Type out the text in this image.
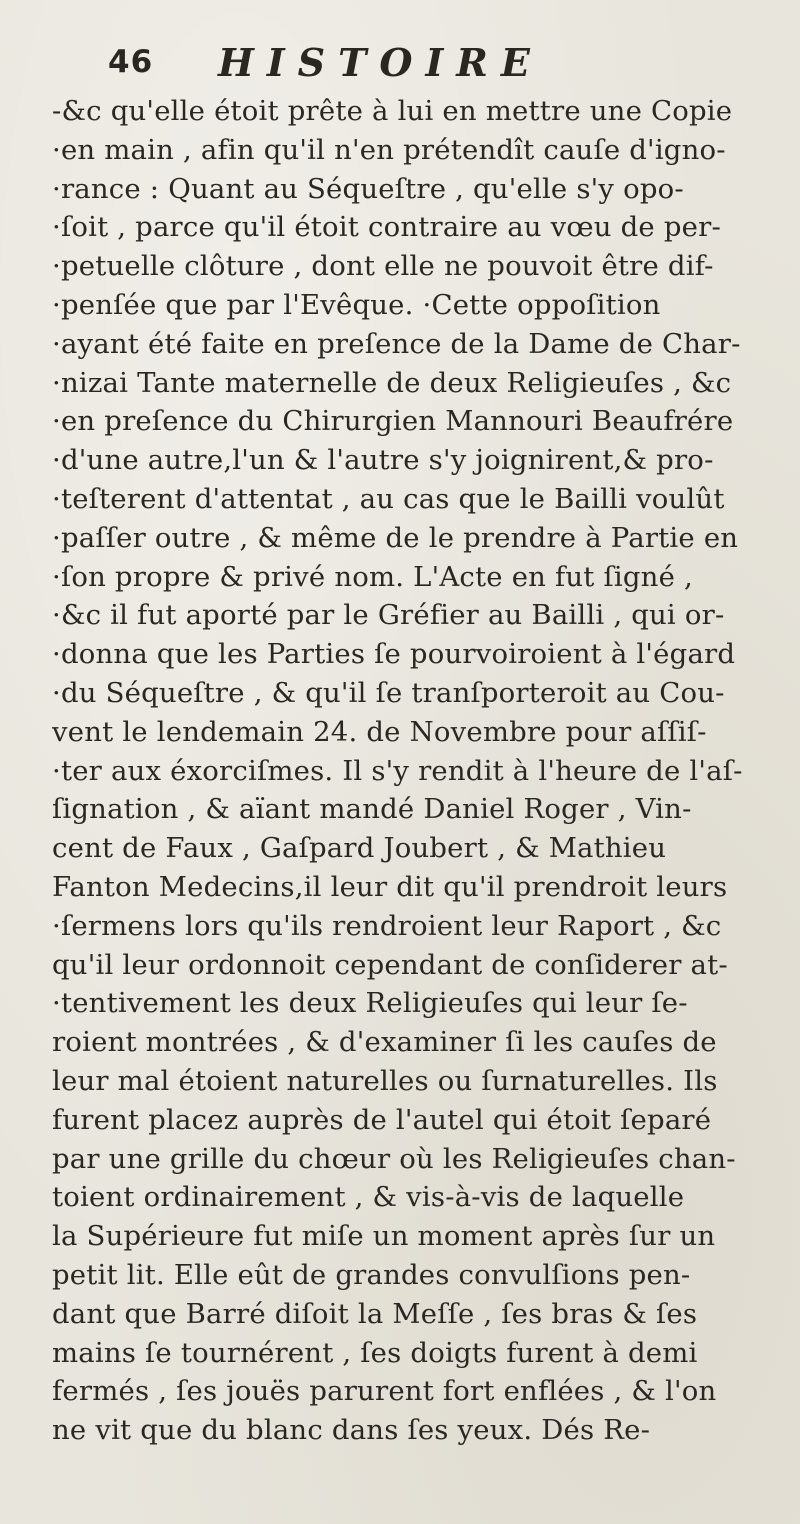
46 HISTOIRE
-&c qu'elle étoit prête à lui en mettre une Copie
·en main , afin qu'il n'en prétendît cauſe d'igno-
·rance : Quant au Séqueſtre , qu'elle s'y opo-
·ſoit , parce qu'il étoit contraire au vœu de per-
·petuelle clôture , dont elle ne pouvoit être dif-
·penſée que par l'Evêque. ·Cette oppoſition
·ayant été faite en preſence de la Dame de Char-
·nizai Tante maternelle de deux Religieuſes , &c
·en preſence du Chirurgien Mannouri Beaufrére
·d'une autre,l'un & l'autre s'y joignirent,& pro-
·teſterent d'attentat , au cas que le Bailli voulût
·paſſer outre , & même de le prendre à Partie en
·ſon propre & privé nom. L'Acte en fut ſigné ,
·&c il fut aporté par le Gréfier au Bailli , qui or-
·donna que les Parties ſe pourvoiroient à l'égard
·du Séqueſtre , & qu'il ſe tranſporteroit au Cou-
vent le lendemain 24. de Novembre pour aſſiſ-
·ter aux éxorciſmes. Il s'y rendit à l'heure de l'aſ-
ſignation , & aïant mandé Daniel Roger , Vin-
cent de Faux , Gaſpard Joubert , & Mathieu
Fanton Medecins,il leur dit qu'il prendroit leurs
·ſermens lors qu'ils rendroient leur Raport , &c
qu'il leur ordonnoit cependant de conſiderer at-
·tentivement les deux Religieuſes qui leur ſe-
roient montrées , & d'examiner ſi les cauſes de
leur mal étoient naturelles ou ſurnaturelles. Ils
furent placez auprès de l'autel qui étoit ſeparé
par une grille du chœur où les Religieuſes chan-
toient ordinairement , & vis-à-vis de laquelle
la Supérieure fut miſe un moment après ſur un
petit lit. Elle eût de grandes convulſions pen-
dant que Barré diſoit la Meſſe , ſes bras & ſes
mains ſe tournérent , ſes doigts furent à demi
fermés , ſes jouës parurent fort enflées , & l'on
ne vit que du blanc dans ſes yeux. Dés Re-
